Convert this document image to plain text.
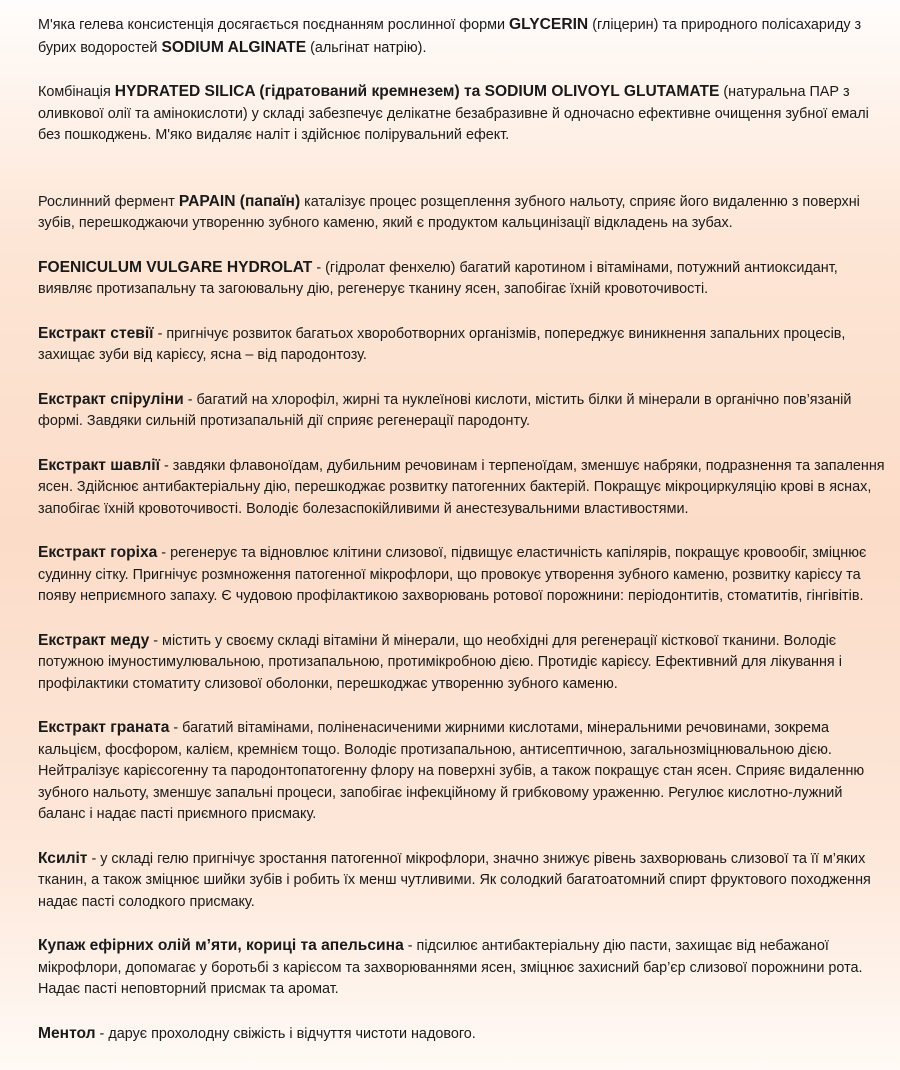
М'яка гелева консистенція досягається поєднанням рослинної форми GLYCERIN (гліцерин) та природного полісахариду з бурих водоростей SODIUM ALGINATE (альгінат натрію).

Комбінація HYDRATED SILICA (гідратований кремнезем) та SODIUM OLIVOYL GLUTAMATE (натуральна ПАР з оливкової олії та амінокислоти) у складі забезпечує делікатне безабразивне й одночасно ефективне очищення зубної емалі без пошкоджень. М'яко видаляє наліт і здійснює полірувальний ефект.

Рослинний фермент PAPAIN (папаїн) каталізує процес розщеплення зубного нальоту, сприяє його видаленню з поверхні зубів, перешкоджаючи утворенню зубного каменю, який є продуктом кальцинізації відкладень на зубах.

FOENICULUM VULGARE HYDROLAT - (гідролат фенхелю) багатий каротином і вітамінами, потужний антиоксидант, виявляє протизапальну та загоювальну дію, регенерує тканину ясен, запобігає їхній кровоточивості.

Екстракт стевії - пригнічує розвиток багатьох хвороботворних організмів, попереджує виникнення запальних процесів, захищає зуби від карієсу, ясна – від пародонтозу.

Екстракт спіруліни - багатий на хлорофіл, жирні та нуклеїнові кислоти, містить білки й мінерали в органічно пов’язаній формі. Завдяки сильній протизапальній дії сприяє регенерації пародонту.

Екстракт шавлії - завдяки флавоноїдам, дубильним речовинам і терпеноїдам, зменшує набряки, подразнення та запалення ясен. Здійснює антибактеріальну дію, перешкоджає розвитку патогенних бактерій. Покращує мікроциркуляцію крові в яснах, запобігає їхній кровоточивості. Володіє болезаспокійливими й анестезувальними властивостями.

Екстракт горіха - регенерує та відновлює клітини слизової, підвищує еластичність капілярів, покращує кровообіг, зміцнює судинну сітку. Пригнічує розмноження патогенної мікрофлори, що провокує утворення зубного каменю, розвитку карієсу та появу неприємного запаху. Є чудовою профілактикою захворювань ротової порожнини: періодонтитів, стоматитів, гінгівітів.

Екстракт меду - містить у своєму складі вітаміни й мінерали, що необхідні для регенерації кісткової тканини. Володіє потужною імуностимулювальною, протизапальною, протимікробною дією. Протидіє карієсу. Ефективний для лікування і профілактики стоматиту слизової оболонки, перешкоджає утворенню зубного каменю.

Екстракт граната - багатий вітамінами, поліненасиченими жирними кислотами, мінеральними речовинами, зокрема кальцієм, фосфором, калієм, кремнієм тощо. Володіє протизапальною, антисептичною, загальнозміцнювальною дією. Нейтралізує карієсогенну та пародонтопатогенну флору на поверхні зубів, а також покращує стан ясен. Сприяє видаленню зубного нальоту, зменшує запальні процеси, запобігає інфекційному й грибковому ураженню. Регулює кислотно-лужний баланс і надає пасті приємного присмаку.

Ксиліт - у складі гелю пригнічує зростання патогенної мікрофлори, значно знижує рівень захворювань слизової та її м’яких тканин, а також зміцнює шийки зубів і робить їх менш чутливими. Як солодкий багатоатомний спирт фруктового походження надає пасті солодкого присмаку.

Купаж ефірних олій м’яти, кориці та апельсина - підсилює антибактеріальну дію пасти, захищає від небажаної мікрофлори, допомагає у боротьбі з карієсом та захворюваннями ясен, зміцнює захисний бар’єр слизової порожнини рота. Надає пасті неповторний присмак та аромат.

Ментол - дарує прохолодну свіжість і відчуття чистоти надового.
